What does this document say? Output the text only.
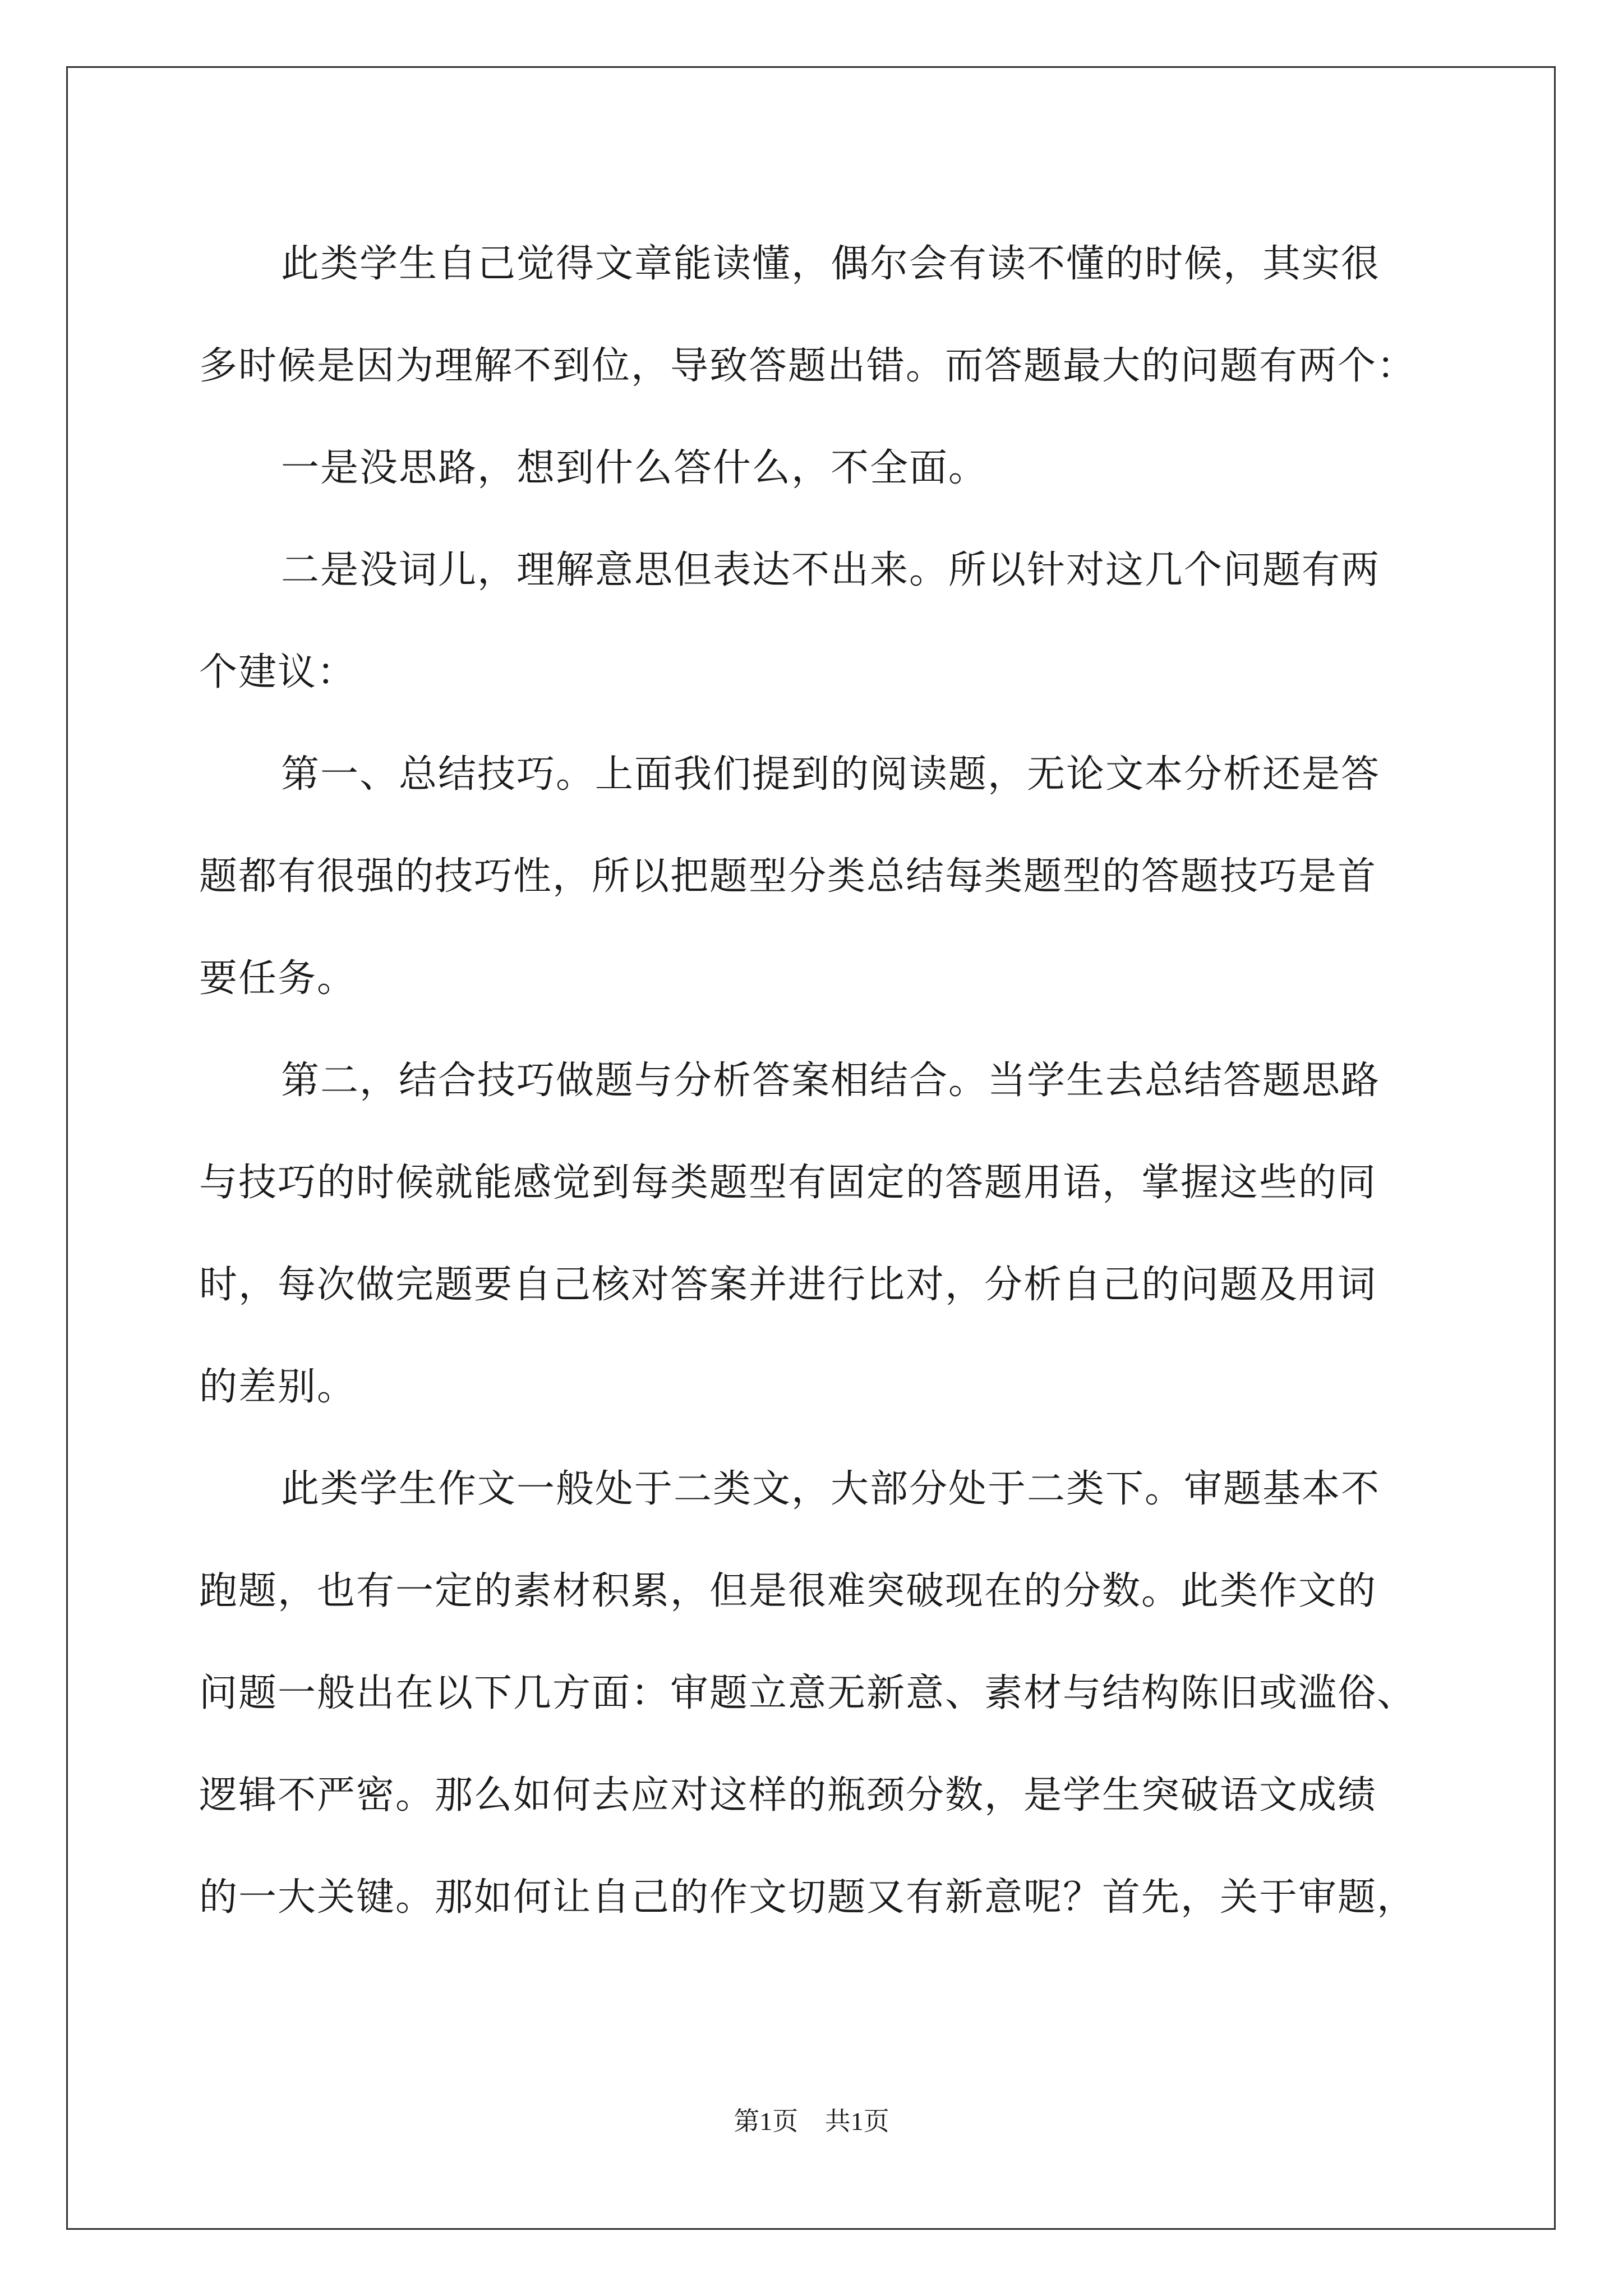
此类学生自己觉得文章能读懂，偶尔会有读不懂的时候，其实很
多时候是因为理解不到位，导致答题出错。而答题最大的问题有两个：
一是没思路，想到什么答什么，不全面。
二是没词儿，理解意思但表达不出来。所以针对这几个问题有两
个建议：
第一、总结技巧。上面我们提到的阅读题，无论文本分析还是答
题都有很强的技巧性，所以把题型分类总结每类题型的答题技巧是首
要任务。
第二，结合技巧做题与分析答案相结合。当学生去总结答题思路
与技巧的时候就能感觉到每类题型有固定的答题用语，掌握这些的同
时，每次做完题要自己核对答案并进行比对，分析自己的问题及用词
的差别。
此类学生作文一般处于二类文，大部分处于二类下。审题基本不
跑题，也有一定的素材积累，但是很难突破现在的分数。此类作文的
问题一般出在以下几方面：审题立意无新意、素材与结构陈旧或滥俗、
逻辑不严密。那么如何去应对这样的瓶颈分数，是学生突破语文成绩
的一大关键。那如何让自己的作文切题又有新意呢？首先，关于审题，
第1页 共1页
